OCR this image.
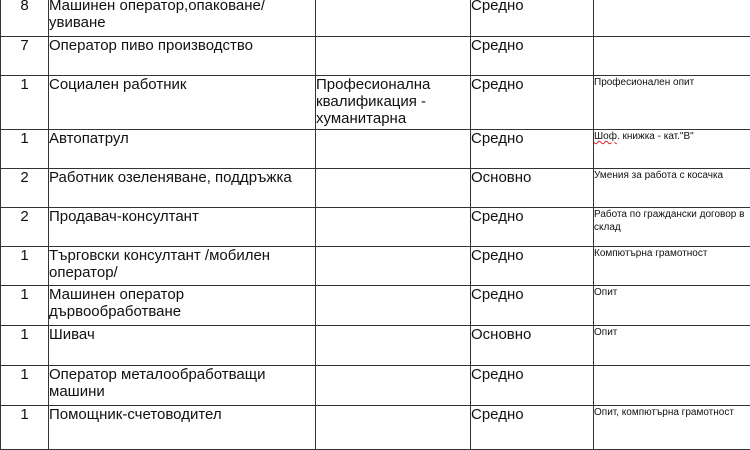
8	Машинен оператор,опаковане/увиване		Средно	
7	Оператор пиво производство		Средно	
1	Социален работник	Професионална квалификация - хуманитарна	Средно	Професионален опит
1	Автопатрул		Средно	Шоф. книжка - кат."В"
2	Работник озеленяване, поддръжка		Основно	Умения за работа с косачка
2	Продавач-консултант		Средно	Работа по граждански договор в склад
1	Търговски консултант /мобилен оператор/		Средно	Компютърна грамотност
1	Машинен оператор дървообработване		Средно	Опит
1	Шивач		Основно	Опит
1	Оператор металообработващи машини		Средно	
1	Помощник-счетоводител		Средно	Опит, компютърна грамотност
